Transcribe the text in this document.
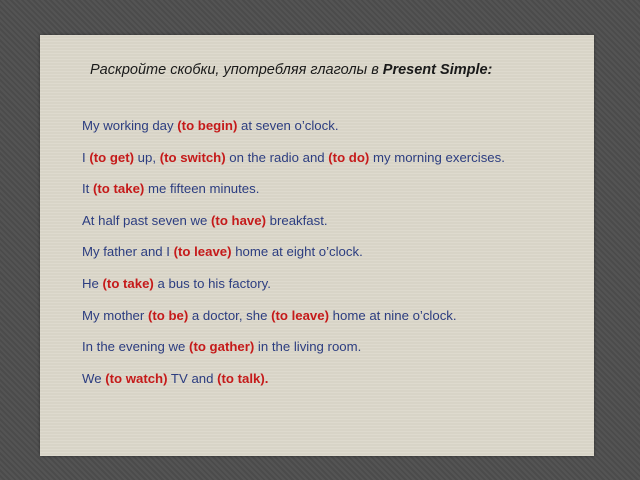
Раскройте скобки, употребляя глаголы в Present Simple:
My working day (to begin) at seven o’clock.
I (to get) up, (to switch) on the radio and (to do) my morning exercises.
It (to take) me fifteen minutes.
At half past seven we (to have) breakfast.
My father and I (to leave) home at eight o’clock.
He (to take) a bus to his factory.
My mother (to be) a doctor, she (to leave) home at nine o’clock.
In the evening we (to gather) in the living room.
We (to watch) TV and (to talk).
